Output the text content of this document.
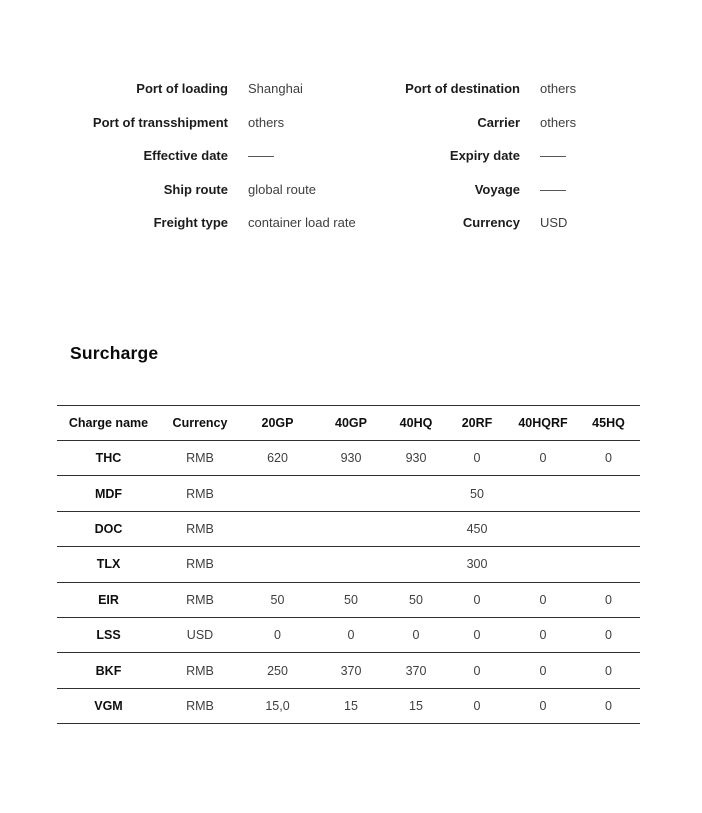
Port of loading	Shanghai	Port of destination	others
Port of transshipment	others	Carrier	others
Effective date	——	Expiry date	——
Ship route	global route	Voyage	——
Freight type	container load rate	Currency	USD
Surcharge
Charge name	Currency	20GP	40GP	40HQ	20RF	40HQRF	45HQ
THC	RMB	620	930	930	0	0	0
MDF	RMB				50		
DOC	RMB				450		
TLX	RMB				300		
EIR	RMB	50	50	50	0	0	0
LSS	USD	0	0	0	0	0	0
BKF	RMB	250	370	370	0	0	0
VGM	RMB	15,0	15	15	0	0	0
